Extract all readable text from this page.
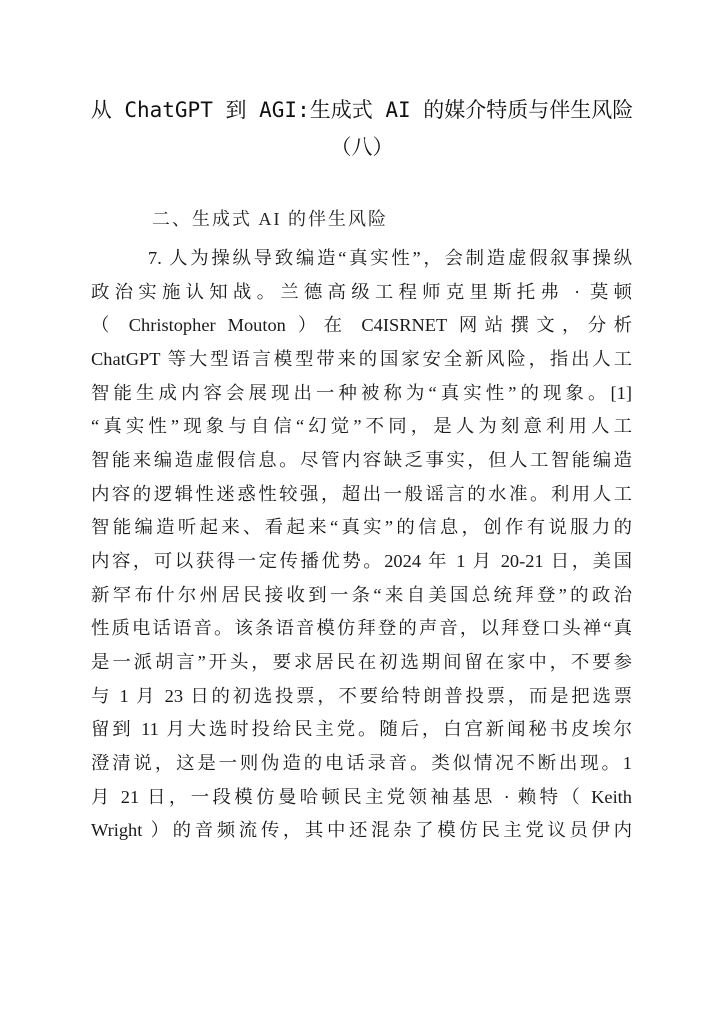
从 ChatGPT 到 AGI:生成式 AI 的媒介特质与伴生风险
（八）
二、生成式 AI 的伴生风险
7. 人为操纵导致编造“真实性”，会制造虚假叙事操纵
政治实施认知战。兰德高级工程师克里斯托弗 · 莫顿
（ Christopher Mouton ）在 C4ISRNET 网站撰文，分析
ChatGPT 等大型语言模型带来的国家安全新风险，指出人工
智能生成内容会展现出一种被称为“真实性”的现象。[1]
“真实性”现象与自信“幻觉”不同，是人为刻意利用人工
智能来编造虚假信息。尽管内容缺乏事实，但人工智能编造
内容的逻辑性迷惑性较强，超出一般谣言的水准。利用人工
智能编造听起来、看起来“真实”的信息，创作有说服力的
内容，可以获得一定传播优势。2024 年 1 月 20-21 日，美国
新罕布什尔州居民接收到一条“来自美国总统拜登”的政治
性质电话语音。该条语音模仿拜登的声音，以拜登口头禅“真
是一派胡言”开头，要求居民在初选期间留在家中，不要参
与 1 月 23 日的初选投票，不要给特朗普投票，而是把选票
留到 11 月大选时投给民主党。随后，白宫新闻秘书皮埃尔
澄清说，这是一则伪造的电话录音。类似情况不断出现。1
月 21 日，一段模仿曼哈顿民主党领袖基思 · 赖特（ Keith
Wright ）的音频流传，其中还混杂了模仿民主党议员伊内
